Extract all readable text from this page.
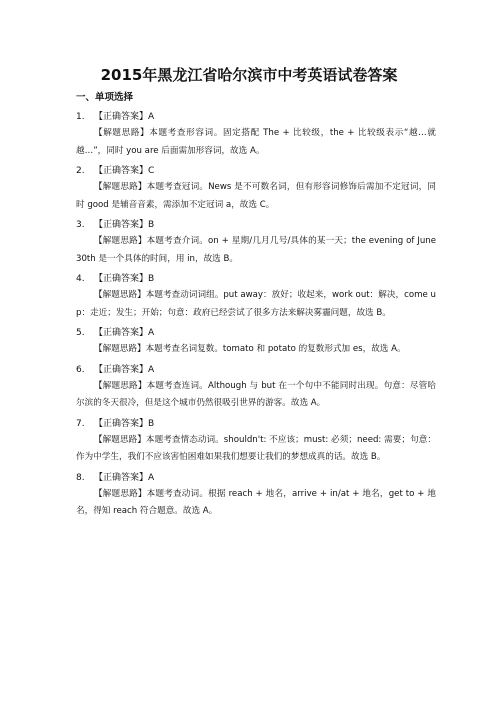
2015年黑龙江省哈尔滨市中考英语试卷答案
一、单项选择
1. 【正确答案】A

【解题思路】本题考查形容词。固定搭配 The + 比较级，the + 比较级表示“越…就越…”，同时 you are 后面需加形容词，故选 A。

2. 【正确答案】C

【解题思路】本题考查冠词。News 是不可数名词，但有形容词修饰后需加不定冠词，同时 good 是辅音音素，需添加不定冠词 a，故选 C。

3. 【正确答案】B

【解题思路】本题考查介词。on + 星期/几月几号/具体的某一天；the evening of June 30th 是一个具体的时间，用 in，故选 B。

4. 【正确答案】B

【解题思路】本题考查动词词组。put away：放好；收起来，work out：解决，come up：走近；发生；开始；句意：政府已经尝试了很多方法来解决雾霾问题，故选 B。

5. 【正确答案】A

【解题思路】本题考查名词复数。tomato 和 potato 的复数形式加 es，故选 A。

6. 【正确答案】A

【解题思路】本题考查连词。Although 与 but 在一个句中不能同时出现。句意：尽管哈尔滨的冬天很冷，但是这个城市仍然很吸引世界的游客。故选 A。

7. 【正确答案】B

【解题思路】本题考查情态动词。shouldn't: 不应该；must: 必须；need: 需要；句意：作为中学生，我们不应该害怕困难如果我们想要让我们的梦想成真的话。故选 B。

8. 【正确答案】A

【解题思路】本题考查动词。根据 reach + 地名，arrive + in/at + 地名，get to + 地名，得知 reach 符合题意。故选 A。
